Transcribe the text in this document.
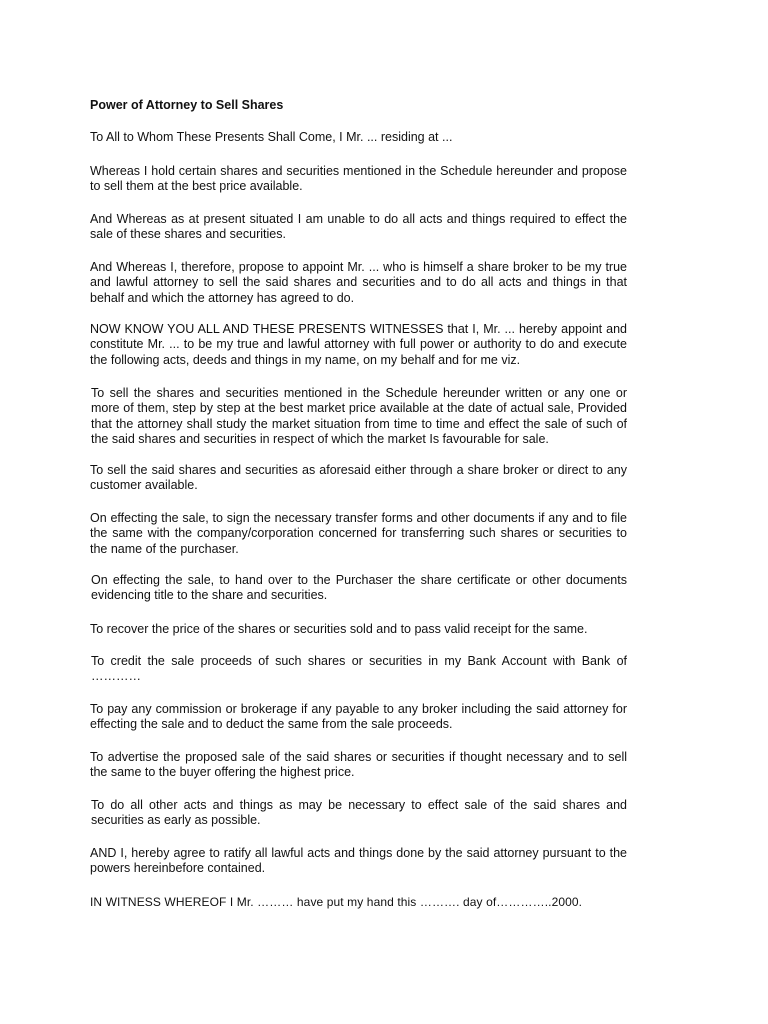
Power of Attorney to Sell Shares

To All to Whom These Presents Shall Come, I Mr. ... residing at ...

Whereas I hold certain shares and securities mentioned in the Schedule hereunder and propose to sell them at the best price available.

And Whereas as at present situated I am unable to do all acts and things required to effect the sale of these shares and securities.

And Whereas I, therefore, propose to appoint Mr. ... who is himself a share broker to be my true and lawful attorney to sell the said shares and securities and to do all acts and things in that behalf and which the attorney has agreed to do.

NOW KNOW YOU ALL AND THESE PRESENTS WITNESSES that I, Mr. ... hereby appoint and constitute Mr. ... to be my true and lawful attorney with full power or authority to do and execute the following acts, deeds and things in my name, on my behalf and for me viz.

To sell the shares and securities mentioned in the Schedule hereunder written or any one or more of them, step by step at the best market price available at the date of actual sale, Provided that the attorney shall study the market situation from time to time and effect the sale of such of the said shares and securities in respect of which the market Is favourable for sale.

To sell the said shares and securities as aforesaid either through a share broker or direct to any customer available.

On effecting the sale, to sign the necessary transfer forms and other documents if any and to file the same with the company/corporation concerned for transferring such shares or securities to the name of the purchaser.

On effecting the sale, to hand over to the Purchaser the share certificate or other documents evidencing title to the share and securities.

To recover the price of the shares or securities sold and to pass valid receipt for the same.

To credit the sale proceeds of such shares or securities in my Bank Account with Bank of …………

To pay any commission or brokerage if any payable to any broker including the said attorney for effecting the sale and to deduct the same from the sale proceeds.

To advertise the proposed sale of the said shares or securities if thought necessary and to sell the same to the buyer offering the highest price.

To do all other acts and things as may be necessary to effect sale of the said shares and securities as early as possible.

AND I, hereby agree to ratify all lawful acts and things done by the said attorney pursuant to the powers hereinbefore contained.

IN WITNESS WHEREOF I Mr. ……… have put my hand this ………. day of…………..2000.
